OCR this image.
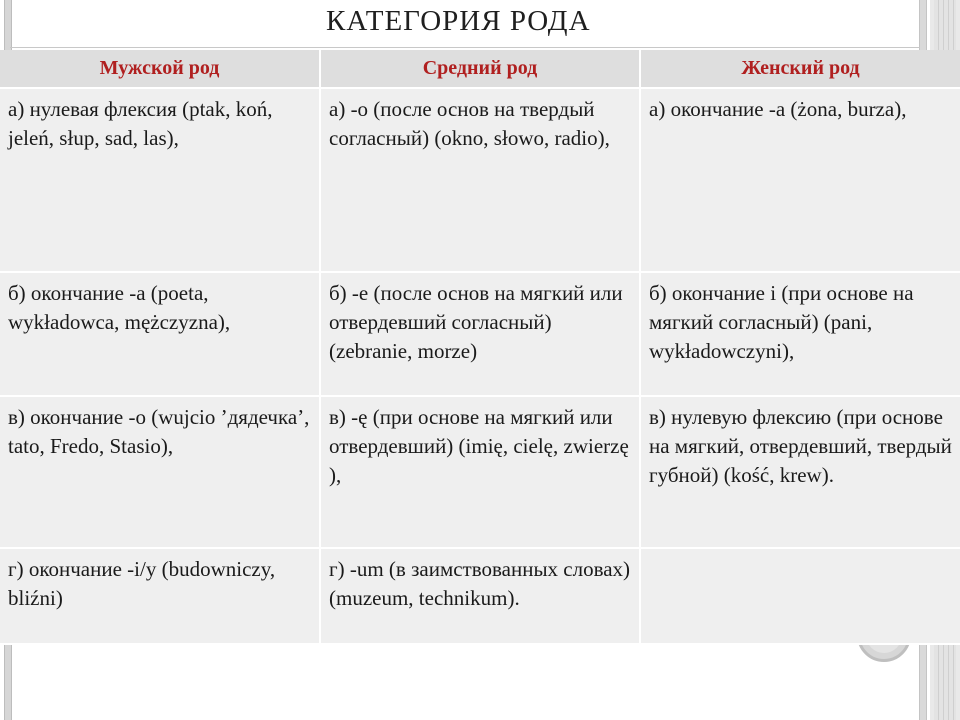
КАТЕГОРИЯ РОДА
Мужской род	Средний род	Женский род
а) нулевая флексия (ptak, koń, jeleń, słup, sad, las),	а) -о (после основ на твердый согласный) (okno, słowo, radio),	а) окончание -a (żona, burza),
б) окончание -a (poeta, wykładowca, mężczyzna),	б) -e (после основ на мягкий или отвердевший согласный) (zebranie, morze)	б) окончание i (при основе на мягкий согласный) (pani, wykładowczyni),
в) окончание -o (wujcio ’дядечка’, tato, Fredo, Stasio),	в) -ę (при основе на мягкий или отвердевший) (imię, cielę, zwierzę ),	в) нулевую флексию (при основе на мягкий, отвердевший, твердый губной) (kość, krew).
г) окончание -i/y (budowniczy, bliźni)	г) -um (в заимствованных словах) (muzeum, technikum).	
